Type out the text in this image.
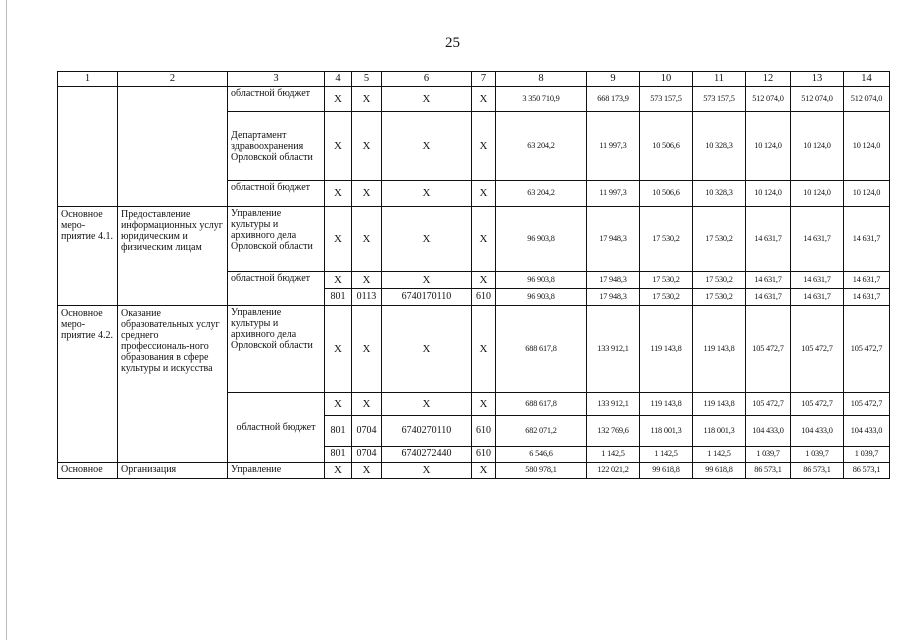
25
1	2	3	4	5	6	7	8	9	10	11	12	13	14
		областной бюджет	X	X	X	X	3 350 710,9	668 173,9	573 157,5	573 157,5	512 074,0	512 074,0	512 074,0
		Департамент здравоохранения Орловской области	X	X	X	X	63 204,2	11 997,3	10 506,6	10 328,3	10 124,0	10 124,0	10 124,0
		областной бюджет	X	X	X	X	63 204,2	11 997,3	10 506,6	10 328,3	10 124,0	10 124,0	10 124,0
Основное меро-приятие 4.1.	Предоставление информационных услуг юридическим и физическим лицам	Управление культуры и архивного дела Орловской области	X	X	X	X	96 903,8	17 948,3	17 530,2	17 530,2	14 631,7	14 631,7	14 631,7
		областной бюджет	X	X	X	X	96 903,8	17 948,3	17 530,2	17 530,2	14 631,7	14 631,7	14 631,7
			801	0113	6740170110	610	96 903,8	17 948,3	17 530,2	17 530,2	14 631,7	14 631,7	14 631,7
Основное меро-приятие 4.2.	Оказание образовательных услуг среднего профессиональ-ного образования в сфере культуры и искусства	Управление культуры и архивного дела Орловской области	X	X	X	X	688 617,8	133 912,1	119 143,8	119 143,8	105 472,7	105 472,7	105 472,7
		областной бюджет	X	X	X	X	688 617,8	133 912,1	119 143,8	119 143,8	105 472,7	105 472,7	105 472,7
			801	0704	6740270110	610	682 071,2	132 769,6	118 001,3	118 001,3	104 433,0	104 433,0	104 433,0
			801	0704	6740272440	610	6 546,6	1 142,5	1 142,5	1 142,5	1 039,7	1 039,7	1 039,7
Основное	Организация	Управление	X	X	X	X	580 978,1	122 021,2	99 618,8	99 618,8	86 573,1	86 573,1	86 573,1
